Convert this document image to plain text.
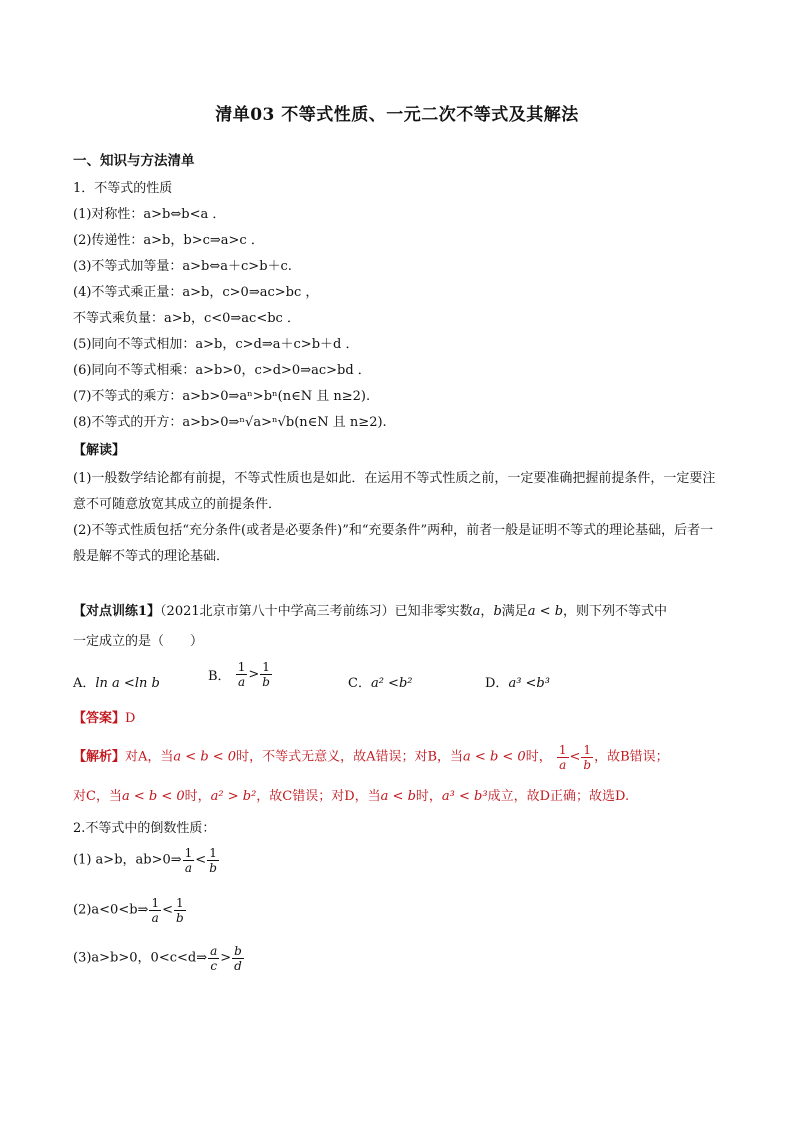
清单03 不等式性质、一元二次不等式及其解法
一、知识与方法清单
1．不等式的性质
(1)对称性：a>b⇔b<a ．
(2)传递性：a>b，b>c⇒a>c ．
(3)不等式加等量：a>b⇔a＋c>b＋c.
(4)不等式乘正量：a>b，c>0⇒ac>bc ，
不等式乘负量：a>b，c<0⇒ac<bc ．
(5)同向不等式相加：a>b，c>d⇒a＋c>b＋d ．
(6)同向不等式相乘：a>b>0，c>d>0⇒ac>bd ．
(7)不等式的乘方：a>b>0⇒aⁿ>bⁿ(n∈N 且 n≥2).
(8)不等式的开方：a>b>0⇒ⁿ√a>ⁿ√b(n∈N 且 n≥2).
【解读】
(1)一般数学结论都有前提，不等式性质也是如此．在运用不等式性质之前，一定要准确把握前提条件，一定要注意不可随意放宽其成立的前提条件．
(2)不等式性质包括“充分条件(或者是必要条件)”和“充要条件”两种，前者一般是证明不等式的理论基础，后者一般是解不等式的理论基础．
【对点训练1】（2021北京市第八十中学高三考前练习）已知非零实数a，b满足a < b，则下列不等式中
一定成立的是（　　）
A．ln a <ln b	B． $\frac{1}{a} > \frac{1}{b}$	C．a² <b²	D．a³ <b³
【答案】D
【解析】对A，当a < b < 0时，不等式无意义，故A错误；对B，当a < b < 0时， $\frac{1}{a} < \frac{1}{b}$ ，故B错误；
对C，当a < b < 0时，a² > b²，故C错误；对D，当a < b时，a³ < b³成立，故D正确；故选D.
2.不等式中的倒数性质：
(1) a>b，ab>0⇒ $\frac{1}{a} < \frac{1}{b}$
(2)a<0<b⇒ $\frac{1}{a} < \frac{1}{b}$
(3)a>b>0，0<c<d⇒ $\frac{a}{c} > \frac{b}{d}$
